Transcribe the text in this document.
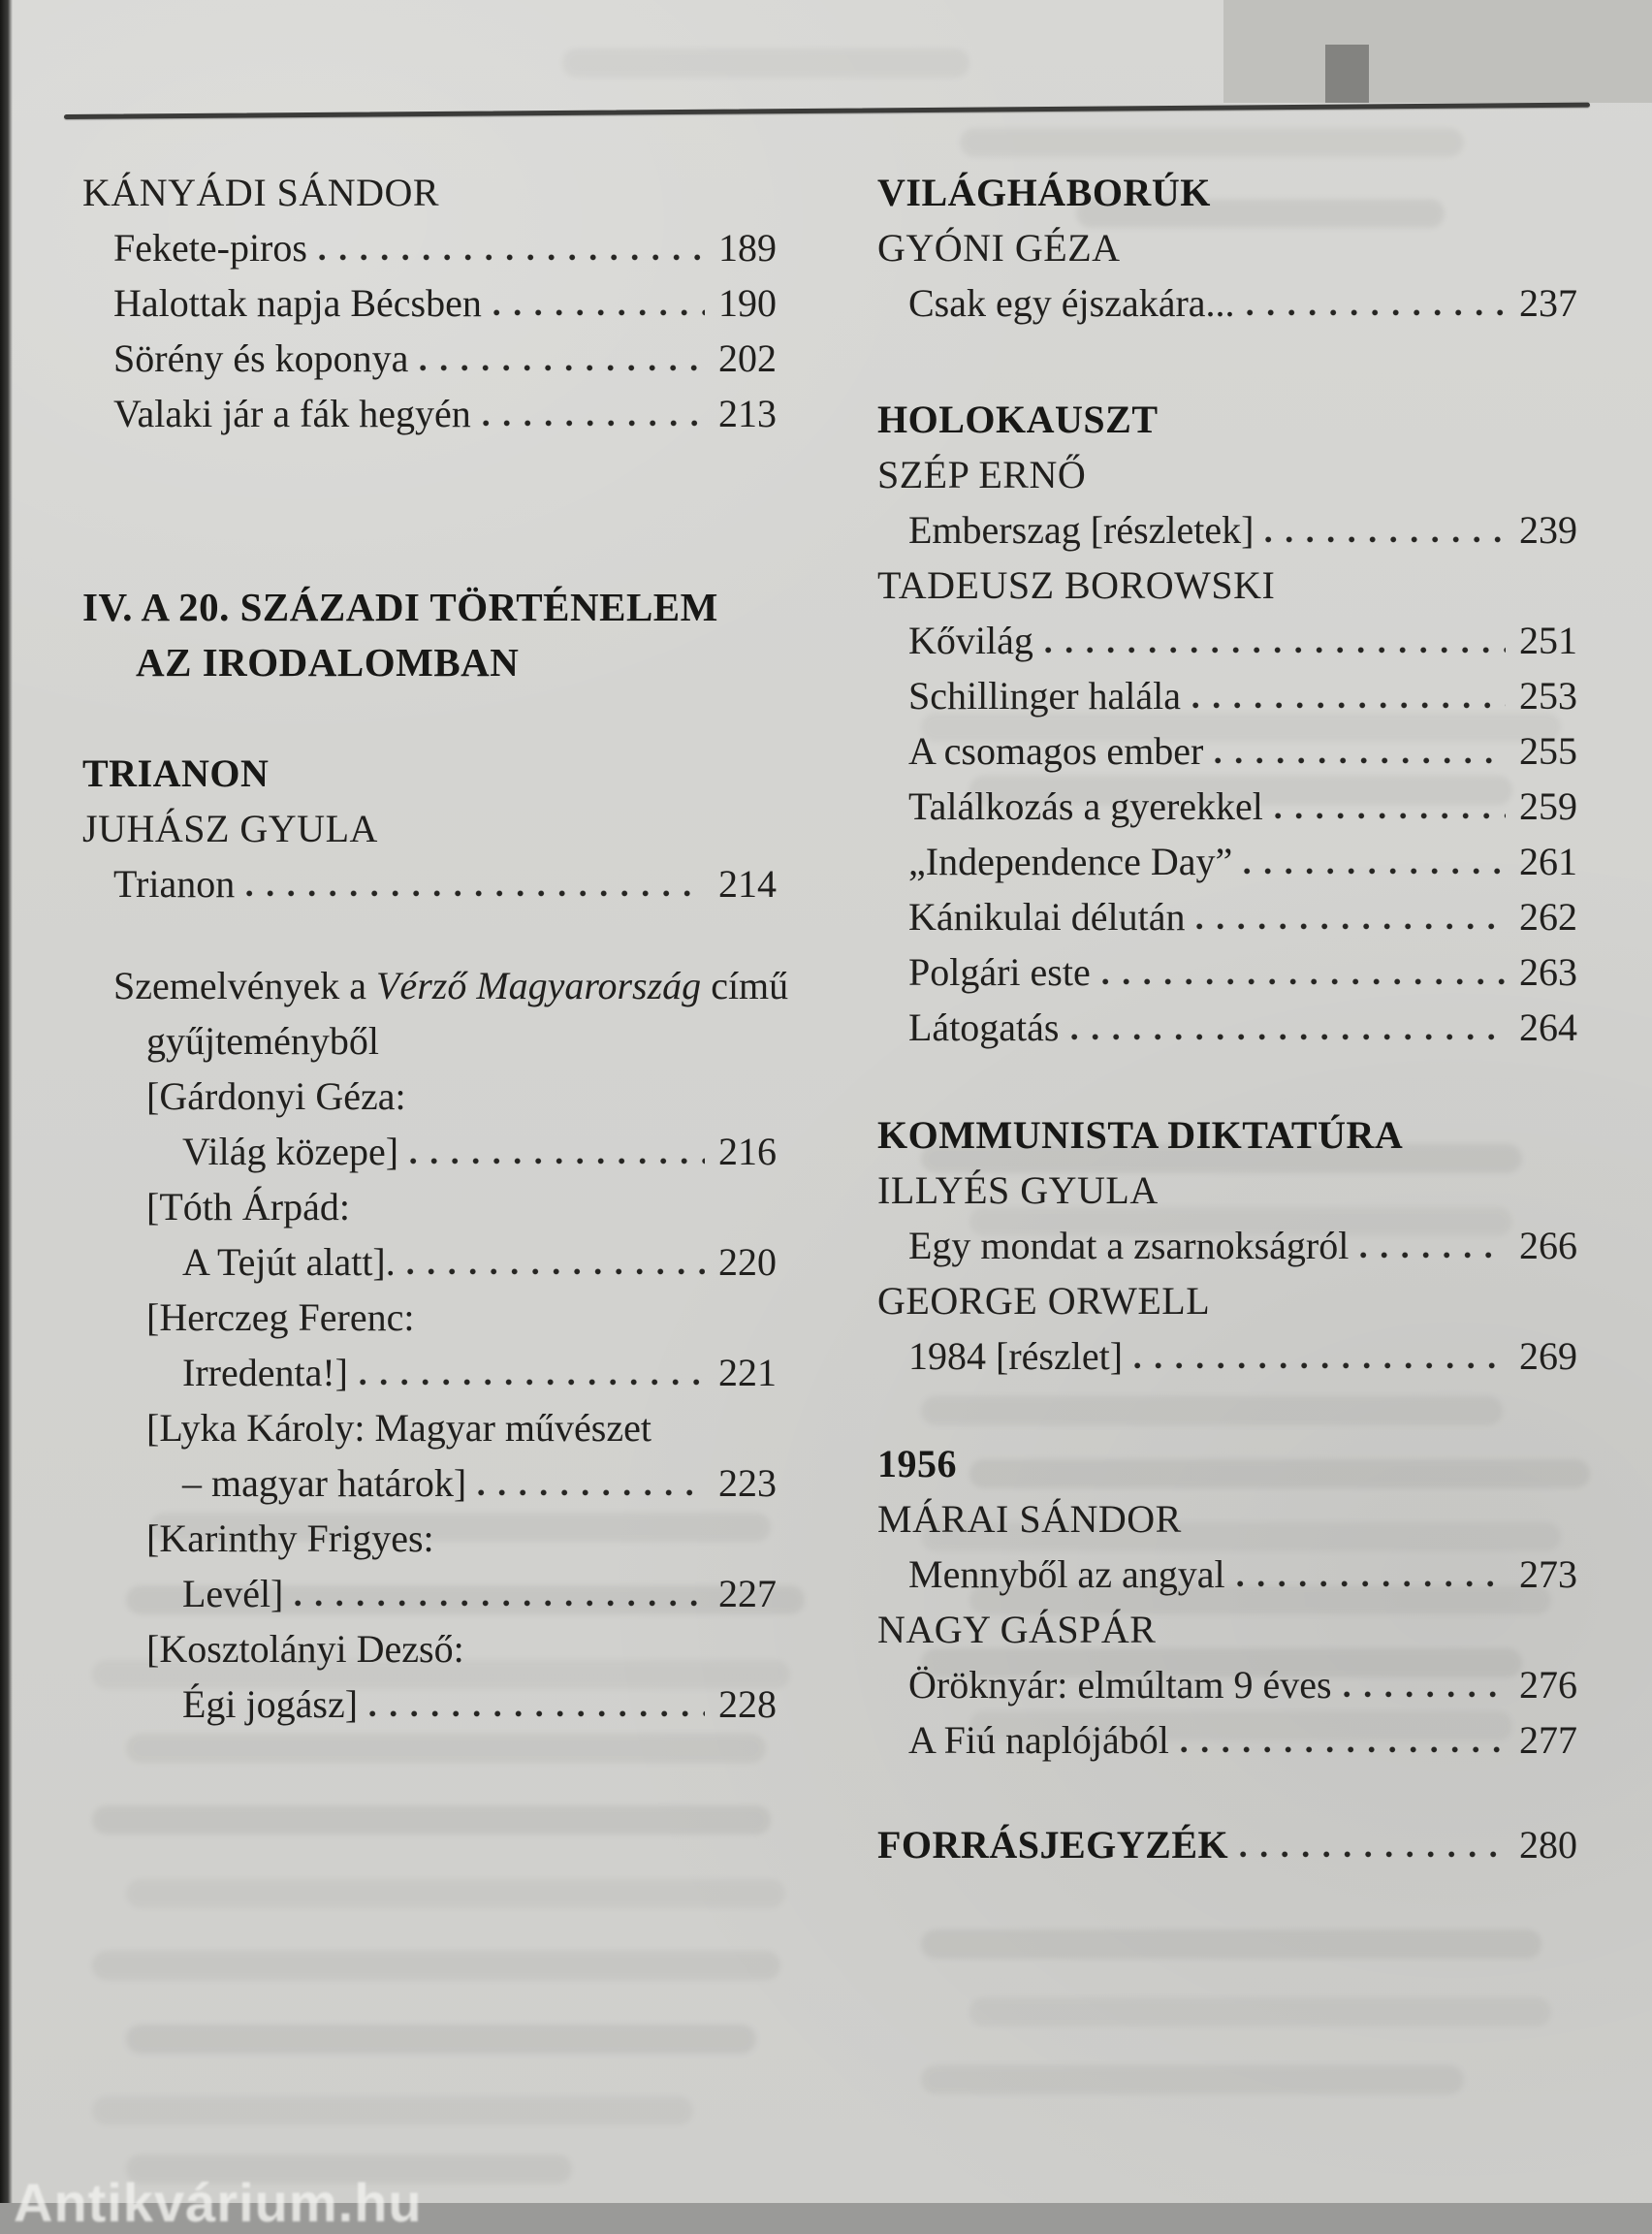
KÁNYÁDI SÁNDOR
Fekete-piros	189
Halottak napja Bécsben	190
Sörény és koponya	202
Valaki jár a fák hegyén	213
IV. A 20. SZÁZADI TÖRTÉNELEM
AZ IRODALOMBAN
TRIANON
JUHÁSZ GYULA
Trianon	214
Szemelvények a Vérző Magyarország című
gyűjteményből
[Gárdonyi Géza:
Világ közepe]	216
[Tóth Árpád:
A Tejút alatt].	220
[Herczeg Ferenc:
Irredenta!]	221
[Lyka Károly: Magyar művészet
– magyar határok]	223
[Karinthy Frigyes:
Levél]	227
[Kosztolányi Dezső:
Égi jogász]	228
VILÁGHÁBORÚK
GYÓNI GÉZA
Csak egy éjszakára...	237
HOLOKAUSZT
SZÉP ERNŐ
Emberszag [részletek]	239
TADEUSZ BOROWSKI
Kővilág	251
Schillinger halála	253
A csomagos ember	255
Találkozás a gyerekkel	259
„Independence Day”	261
Kánikulai délután	262
Polgári este	263
Látogatás	264
KOMMUNISTA DIKTATÚRA
ILLYÉS GYULA
Egy mondat a zsarnokságról	266
GEORGE ORWELL
1984 [részlet]	269
1956
MÁRAI SÁNDOR
Mennyből az angyal	273
NAGY GÁSPÁR
Öröknyár: elmúltam 9 éves	276
A Fiú naplójából	277
FORRÁSJEGYZÉK	280
Antikvárium.hu
